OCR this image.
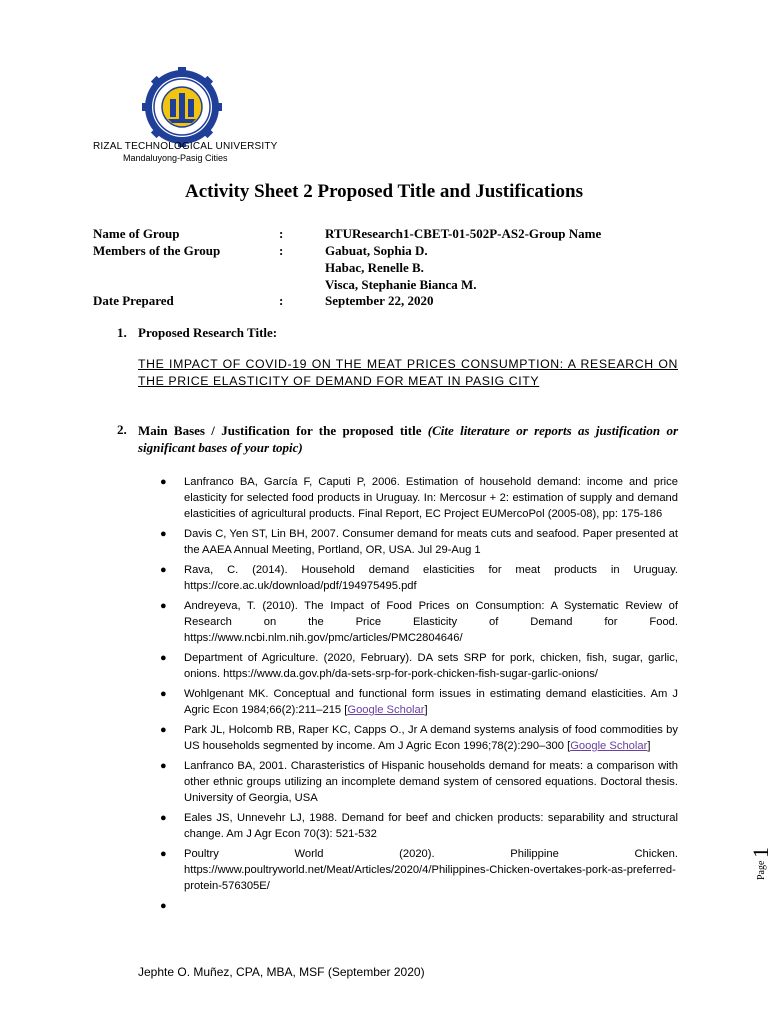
RIZAL TECHNOLOGICAL UNIVERSITY
Mandaluyong-Pasig Cities
Activity Sheet 2 Proposed Title and Justifications
Name of Group	:	RTUResearch1-CBET-01-502P-AS2-Group Name
Members of the Group	:	Gabuat, Sophia D.
Habac, Renelle B.
Visca, Stephanie Bianca M.
Date Prepared	:	September 22, 2020
1. Proposed Research Title:
THE IMPACT OF COVID-19 ON THE MEAT PRICES CONSUMPTION: A RESEARCH ON THE PRICE ELASTICITY OF DEMAND FOR MEAT IN PASIG CITY
2. Main Bases / Justification for the proposed title (Cite literature or reports as justification or significant bases of your topic)
● Lanfranco BA, García F, Caputi P, 2006. Estimation of household demand: income and price elasticity for selected food products in Uruguay. In: Mercosur + 2: estimation of supply and demand elasticities of agricultural products. Final Report, EC Project EUMercoPol (2005-08), pp: 175-186
● Davis C, Yen ST, Lin BH, 2007. Consumer demand for meats cuts and seafood. Paper presented at the AAEA Annual Meeting, Portland, OR, USA. Jul 29-Aug 1
● Rava, C. (2014). Household demand elasticities for meat products in Uruguay. https://core.ac.uk/download/pdf/194975495.pdf
● Andreyeva, T. (2010). The Impact of Food Prices on Consumption: A Systematic Review of Research on the Price Elasticity of Demand for Food. https://www.ncbi.nlm.nih.gov/pmc/articles/PMC2804646/
● Department of Agriculture. (2020, February). DA sets SRP for pork, chicken, fish, sugar, garlic, onions. https://www.da.gov.ph/da-sets-srp-for-pork-chicken-fish-sugar-garlic-onions/
● Wohlgenant MK. Conceptual and functional form issues in estimating demand elasticities. Am J Agric Econ 1984;66(2):211–215 [Google Scholar]
● Park JL, Holcomb RB, Raper KC, Capps O., Jr A demand systems analysis of food commodities by US households segmented by income. Am J Agric Econ 1996;78(2):290–300 [Google Scholar]
● Lanfranco BA, 2001. Charasteristics of Hispanic households demand for meats: a comparison with other ethnic groups utilizing an incomplete demand system of censored equations. Doctoral thesis. University of Georgia, USA
● Eales JS, Unnevehr LJ, 1988. Demand for beef and chicken products: separability and structural change. Am J Agr Econ 70(3): 521-532
● Poultry World (2020). Philippine Chicken. https://www.poultryworld.net/Meat/Articles/2020/4/Philippines-Chicken-overtakes-pork-as-preferred-protein-576305E/
●

Jephte O. Muñez, CPA, MBA, MSF (September 2020)
Page 1
